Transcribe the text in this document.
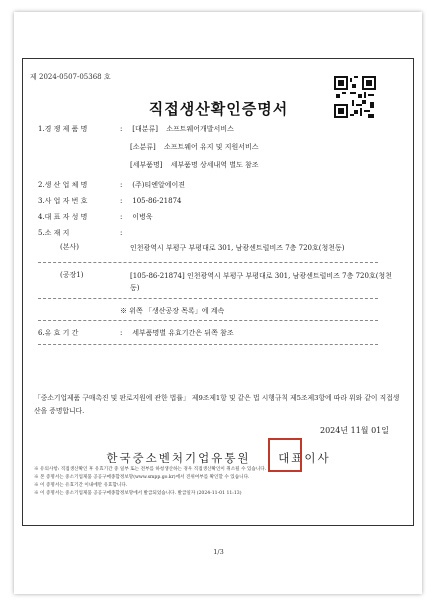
제 2024-0507-05368 호
직접생산확인증명서
1.경 쟁 제 품 명	: [대분류] 소프트웨어개발서비스
[소분류] 소프트웨어 유지 및 지원서비스
[세부품명] 세부품명 상세내역 별도 참조
2.생 산 업 체 명	: (주)티엔알에이젼
3.사 업 자 번 호	: 105-86-21874
4.대 표 자 성 명	: 이병욱
5.소 재 지	:
(본사)	인천광역시 부평구 부평대로 301, 남광센트럴비즈 7층 720호(청천동)
(공장1)	[105-86-21874] 인천광역시 부평구 부평대로 301, 남광센트럴비즈 7층 720호(청천동)
※ 위쪽 「생산공장 목록」에 계속
6.유 효 기 간	: 세부품명별 유효기간은 뒤쪽 참조
「중소기업제품 구매촉진 및 판로지원에 관한 법률」 제9조제1항 및 같은 법 시행규칙 제5조제3항에 따라 위와 같이 직접생산을 증명합니다.
2024년 11월 01일
한국중소벤처기업유통원 대표이사
※ 유의사항: 직접생산확인 후 유효기간 중 일부 또는 전부를 하청생산하는 경우 직접생산확인이 취소될 수 있습니다.
※ 본 증명서는 중소기업제품 공공구매종합정보망(www.smpp.go.kr)에서 진위여부를 확인할 수 있습니다.
※ 이 증명서는 유효기간 이내에만 유효합니다.
※ 이 증명서는 중소기업제품 공공구매종합정보망에서 발급되었습니다. 발급일자 (2024-11-01 11:13)
1/3
